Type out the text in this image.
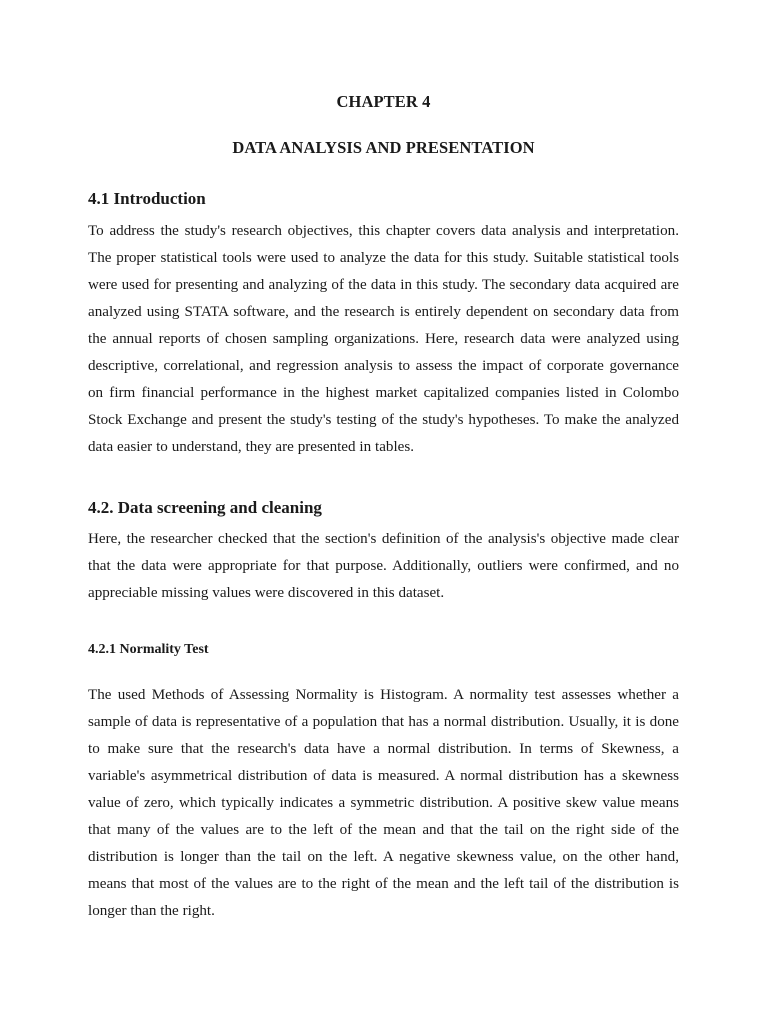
CHAPTER 4
DATA ANALYSIS AND PRESENTATION
4.1 Introduction

To address the study's research objectives, this chapter covers data analysis and interpretation. The proper statistical tools were used to analyze the data for this study. Suitable statistical tools were used for presenting and analyzing of the data in this study. The secondary data acquired are analyzed using STATA software, and the research is entirely dependent on secondary data from the annual reports of chosen sampling organizations. Here, research data were analyzed using descriptive, correlational, and regression analysis to assess the impact of corporate governance on firm financial performance in the highest market capitalized companies listed in Colombo Stock Exchange and present the study's testing of the study's hypotheses. To make the analyzed data easier to understand, they are presented in tables.

4.2. Data screening and cleaning

Here, the researcher checked that the section's definition of the analysis's objective made clear that the data were appropriate for that purpose. Additionally, outliers were confirmed, and no appreciable missing values were discovered in this dataset.

4.2.1 Normality Test

The used Methods of Assessing Normality is Histogram. A normality test assesses whether a sample of data is representative of a population that has a normal distribution. Usually, it is done to make sure that the research's data have a normal distribution. In terms of Skewness, a variable's asymmetrical distribution of data is measured. A normal distribution has a skewness value of zero, which typically indicates a symmetric distribution. A positive skew value means that many of the values are to the left of the mean and that the tail on the right side of the distribution is longer than the tail on the left. A negative skewness value, on the other hand, means that most of the values are to the right of the mean and the left tail of the distribution is longer than the right.
